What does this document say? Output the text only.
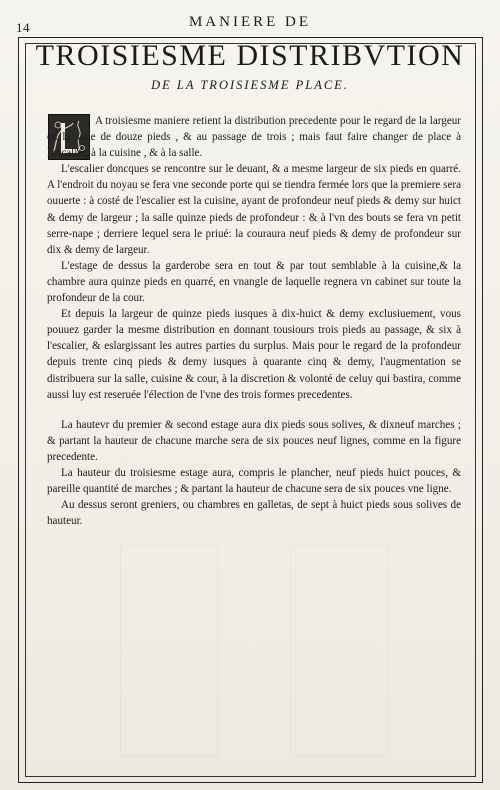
14	MANIERE DE
TROISIESME DISTRIBVTION
DE LA TROISIESME PLACE.

A troisiesme maniere retient la distribution precedente pour le regard de la largeur en la salle de douze pieds , & au passage de trois ; mais faut faire changer de place à l'escalier, à la cuisine , & à la salle.

L'escalier doncques se rencontre sur le deuant, & a mesme largeur de six pieds en quarré. A l'endroit du noyau se fera vne seconde porte qui se tiendra fermée lors que la premiere sera ouuerte : à costé de l'escalier est la cuisine, ayant de profondeur neuf pieds & demy sur huict & demy de largeur ; la salle quinze pieds de profondeur : & à l'vn des bouts se fera vn petit serre-nape ; derriere lequel sera le priué: la couraura neuf pieds & demy de profondeur sur dix & demy de largeur.

L'estage de dessus la garderobe sera en tout & par tout semblable à la cuisine,& la chambre aura quinze pieds en quarré, en vnangle de laquelle regnera vn cabinet sur toute la profondeur de la cour.

Et depuis la largeur de quinze pieds iusques à dix-huict & demy exclusiuement, vous pouuez garder la mesme distribution en donnant tousiours trois pieds au passage, & six à l'escalier, & eslargissant les autres parties du surplus. Mais pour le regard de la profondeur depuis trente cinq pieds & demy iusques à quarante cinq & demy, l'augmentation se distribuera sur la salle, cuisine & cour, à la discretion & volonté de celuy qui bastira, comme aussi luy est reseruée l'élection de l'vne des trois formes precedentes.

La hautevr du premier & second estage aura dix pieds sous solives, & dixneuf marches ; & partant la hauteur de chacune marche sera de six pouces neuf lignes, comme en la figure precedente.

La hauteur du troisiesme estage aura, compris le plancher, neuf pieds huict pouces, & pareille quantité de marches ; & partant la hauteur de chacune sera de six pouces vne ligne.

Au dessus seront greniers, ou chambres en galletas, de sept à huict pieds sous solives de hauteur.
